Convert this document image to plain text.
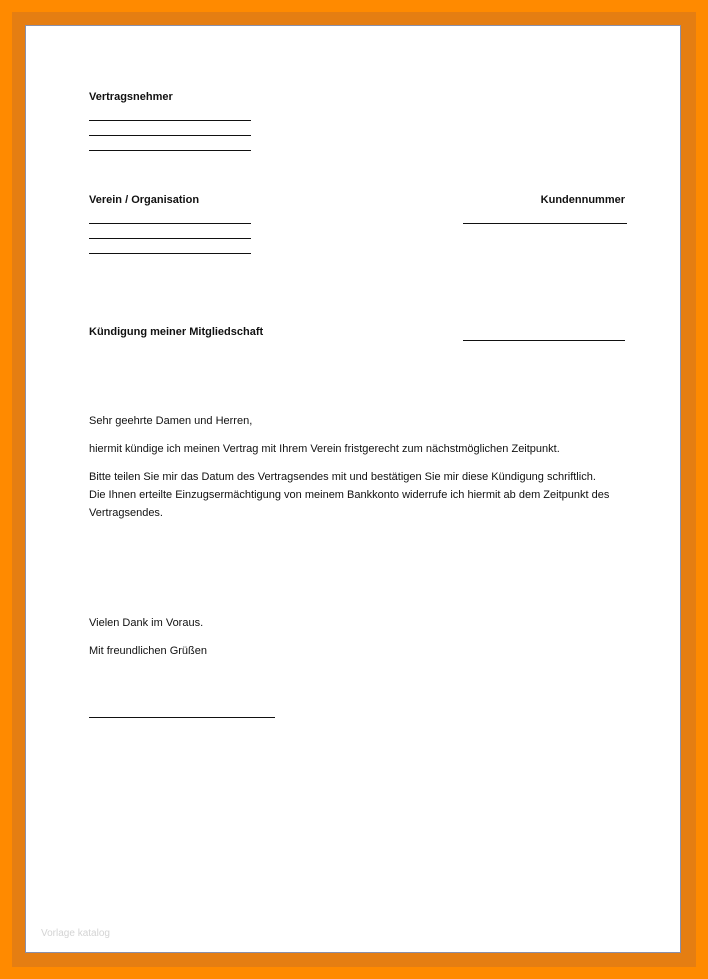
Vertragsnehmer
Verein / Organisation	Kundennummer
Kündigung meiner Mitgliedschaft
Sehr geehrte Damen und Herren,
hiermit kündige ich meinen Vertrag mit Ihrem Verein fristgerecht zum nächstmöglichen Zeitpunkt.
Bitte teilen Sie mir das Datum des Vertragsendes mit und bestätigen Sie mir diese Kündigung schriftlich.
Die Ihnen erteilte Einzugsermächtigung von meinem Bankkonto widerrufe ich hiermit ab dem Zeitpunkt des
Vertragsendes.
Vielen Dank im Voraus.
Mit freundlichen Grüßen
Vorlage katalog
